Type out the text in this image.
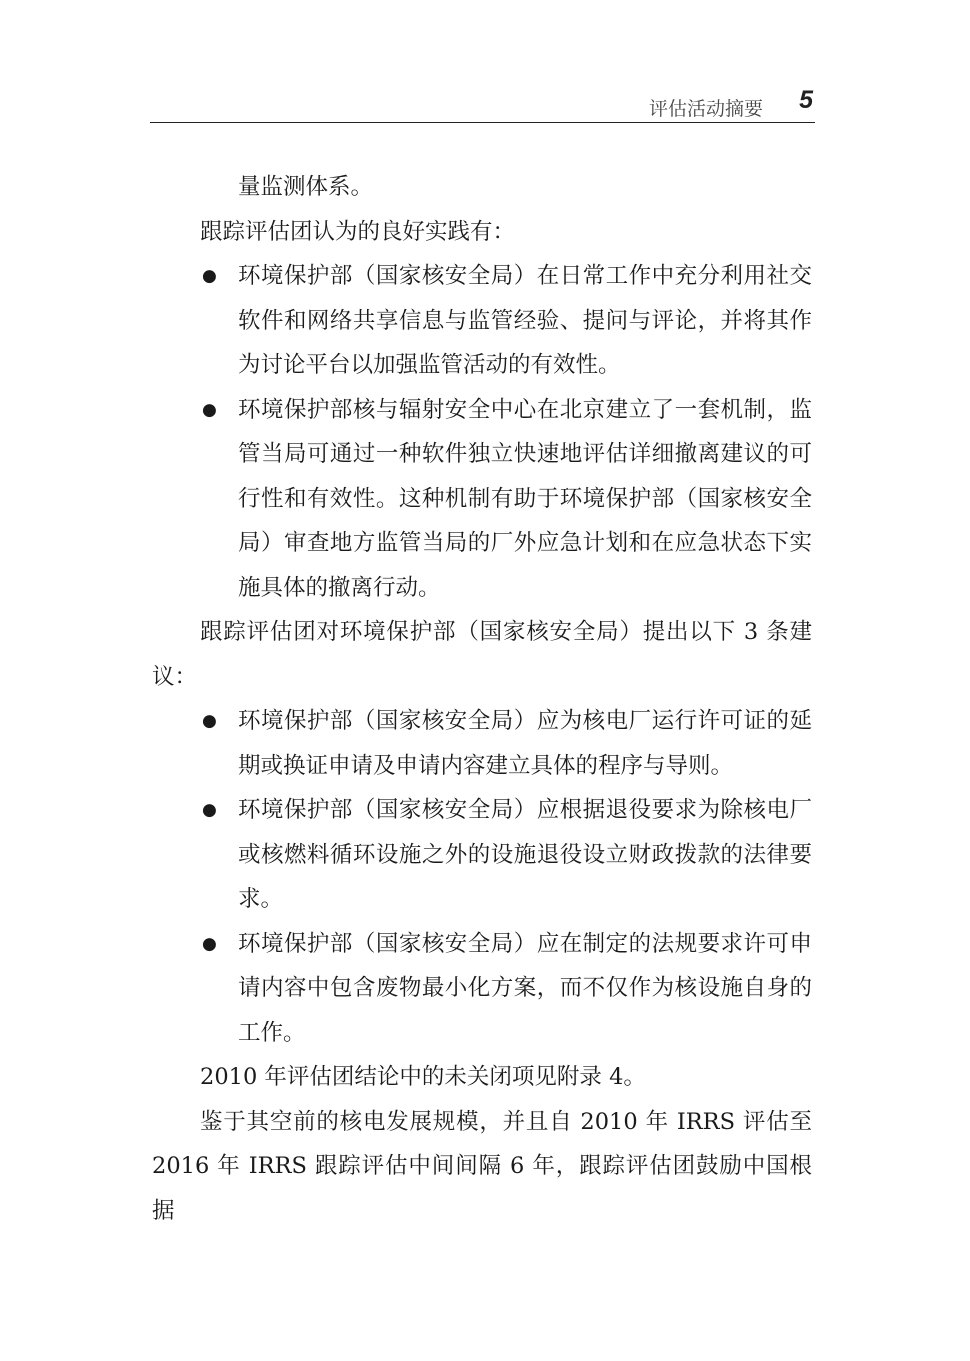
评估活动摘要 5

量监测体系。

跟踪评估团认为的良好实践有：

● 环境保护部（国家核安全局）在日常工作中充分利用社交软件和网络共享信息与监管经验、提问与评论，并将其作为讨论平台以加强监管活动的有效性。
● 环境保护部核与辐射安全中心在北京建立了一套机制，监管当局可通过一种软件独立快速地评估详细撤离建议的可行性和有效性。这种机制有助于环境保护部（国家核安全局）审查地方监管当局的厂外应急计划和在应急状态下实施具体的撤离行动。

跟踪评估团对环境保护部（国家核安全局）提出以下 3 条建议：

● 环境保护部（国家核安全局）应为核电厂运行许可证的延期或换证申请及申请内容建立具体的程序与导则。
● 环境保护部（国家核安全局）应根据退役要求为除核电厂或核燃料循环设施之外的设施退役设立财政拨款的法律要求。
● 环境保护部（国家核安全局）应在制定的法规要求许可申请内容中包含废物最小化方案，而不仅作为核设施自身的工作。

2010 年评估团结论中的未关闭项见附录 4。

鉴于其空前的核电发展规模，并且自 2010 年 IRRS 评估至 2016 年 IRRS 跟踪评估中间间隔 6 年，跟踪评估团鼓励中国根据
